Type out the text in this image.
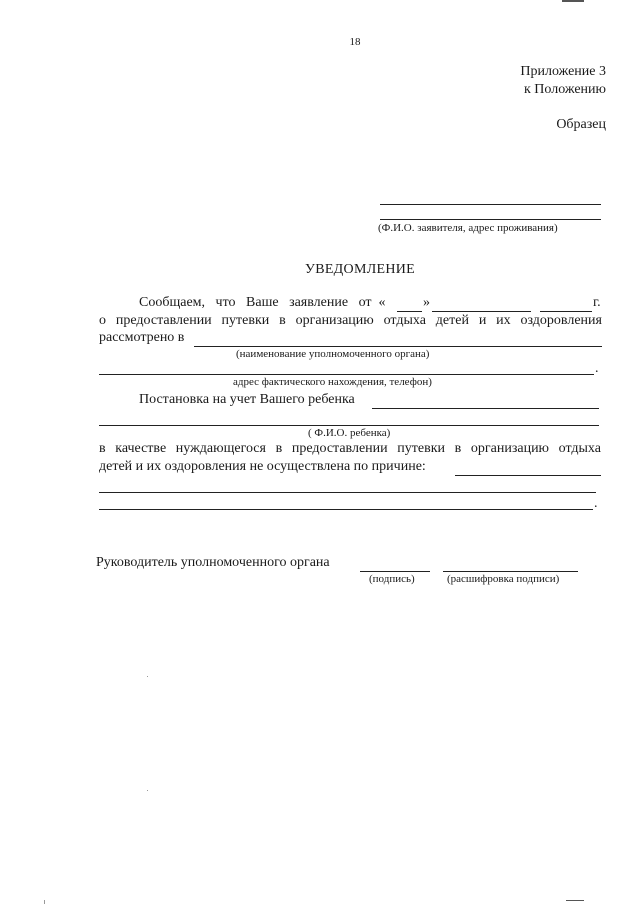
18
Приложение 3
к Положению
Образец
(Ф.И.О. заявителя, адрес проживания)
УВЕДОМЛЕНИЕ
Сообщаем, что Ваше заявление от «	»	г.
о предоставлении путевки в организацию отдыха детей и их оздоровления
рассмотрено в
(наименование уполномоченного органа)
.
адрес фактического нахождения, телефон)
Постановка на учет Вашего ребенка
( Ф.И.О. ребенка)
в качестве нуждающегося в предоставлении путевки в организацию отдыха
детей и их оздоровления не осуществлена по причине:
.
Руководитель уполномоченного органа
(подпись)	(расшифровка подписи)
